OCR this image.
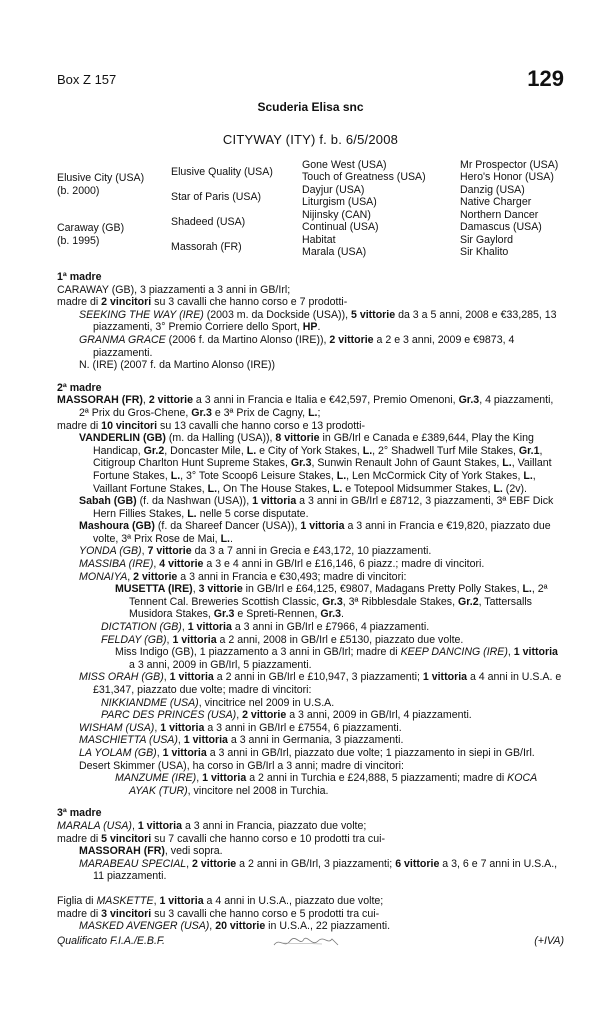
Box Z 157	129
Scuderia Elisa snc
CITYWAY (ITY) f. b. 6/5/2008
Elusive City (USA)
(b. 2000)
Caraway (GB)
(b. 1995)
Elusive Quality (USA)
Star of Paris (USA)
Shadeed (USA)
Massorah (FR)
Gone West (USA)
Touch of Greatness (USA)
Dayjur (USA)
Liturgism (USA)
Nijinsky (CAN)
Continual (USA)
Habitat
Marala (USA)
Mr Prospector (USA)
Hero's Honor (USA)
Danzig (USA)
Native Charger
Northern Dancer
Damascus (USA)
Sir Gaylord
Sir Khalito
1ª madre

CARAWAY (GB), 3 piazzamenti a 3 anni in GB/Irl;

madre di 2 vincitori su 3 cavalli che hanno corso e 7 prodotti-

SEEKING THE WAY (IRE) (2003 m. da Dockside (USA)), 5 vittorie da 3 a 5 anni, 2008 e €33,285, 13 piazzamenti, 3° Premio Corriere dello Sport, HP.

GRANMA GRACE (2006 f. da Martino Alonso (IRE)), 2 vittorie a 2 e 3 anni, 2009 e €9873, 4 piazzamenti.

N. (IRE) (2007 f. da Martino Alonso (IRE))

2ª madre

MASSORAH (FR), 2 vittorie a 3 anni in Francia e Italia e €42,597, Premio Omenoni, Gr.3, 4 piazzamenti, 2ª Prix du Gros-Chene, Gr.3 e 3ª Prix de Cagny, L.;

madre di 10 vincitori su 13 cavalli che hanno corso e 13 prodotti-

VANDERLIN (GB) (m. da Halling (USA)), 8 vittorie in GB/Irl e Canada e £389,644, Play the King Handicap, Gr.2, Doncaster Mile, L. e City of York Stakes, L., 2° Shadwell Turf Mile Stakes, Gr.1, Citigroup Charlton Hunt Supreme Stakes, Gr.3, Sunwin Renault John of Gaunt Stakes, L., Vaillant Fortune Stakes, L., 3° Tote Scoop6 Leisure Stakes, L., Len McCormick City of York Stakes, L., Vaillant Fortune Stakes, L., On The House Stakes, L. e Totepool Midsummer Stakes, L. (2v).

Sabah (GB) (f. da Nashwan (USA)), 1 vittoria a 3 anni in GB/Irl e £8712, 3 piazzamenti, 3ª EBF Dick Hern Fillies Stakes, L. nelle 5 corse disputate.

Mashoura (GB) (f. da Shareef Dancer (USA)), 1 vittoria a 3 anni in Francia e €19,820, piazzato due volte, 3ª Prix Rose de Mai, L..

YONDA (GB), 7 vittorie da 3 a 7 anni in Grecia e £43,172, 10 piazzamenti.

MASSIBA (IRE), 4 vittorie a 3 e 4 anni in GB/Irl e £16,146, 6 piazz.; madre di vincitori.

MONAIYA, 2 vittorie a 3 anni in Francia e €30,493; madre di vincitori:

MUSETTA (IRE), 3 vittorie in GB/Irl e £64,125, €9807, Madagans Pretty Polly Stakes, L., 2ª Tennent Cal. Breweries Scottish Classic, Gr.3, 3ª Ribblesdale Stakes, Gr.2, Tattersalls Musidora Stakes, Gr.3 e Spreti-Rennen, Gr.3.

DICTATION (GB), 1 vittoria a 3 anni in GB/Irl e £7966, 4 piazzamenti.

FELDAY (GB), 1 vittoria a 2 anni, 2008 in GB/Irl e £5130, piazzato due volte.

Miss Indigo (GB), 1 piazzamento a 3 anni in GB/Irl; madre di KEEP DANCING (IRE), 1 vittoria a 3 anni, 2009 in GB/Irl, 5 piazzamenti.

MISS ORAH (GB), 1 vittoria a 2 anni in GB/Irl e £10,947, 3 piazzamenti; 1 vittoria a 4 anni in U.S.A. e £31,347, piazzato due volte; madre di vincitori:

NIKKIANDME (USA), vincitrice nel 2009 in U.S.A.

PARC DES PRINCES (USA), 2 vittorie a 3 anni, 2009 in GB/Irl, 4 piazzamenti.

WISHAM (USA), 1 vittoria a 3 anni in GB/Irl e £7554, 6 piazzamenti.

MASCHIETTA (USA), 1 vittoria a 3 anni in Germania, 3 piazzamenti.

LA YOLAM (GB), 1 vittoria a 3 anni in GB/Irl, piazzato due volte; 1 piazzamento in siepi in GB/Irl.

Desert Skimmer (USA), ha corso in GB/Irl a 3 anni; madre di vincitori:

MANZUME (IRE), 1 vittoria a 2 anni in Turchia e £24,888, 5 piazzamenti; madre di KOCA AYAK (TUR), vincitore nel 2008 in Turchia.

3ª madre

MARALA (USA), 1 vittoria a 3 anni in Francia, piazzato due volte;

madre di 5 vincitori su 7 cavalli che hanno corso e 10 prodotti tra cui-

MASSORAH (FR), vedi sopra.

MARABEAU SPECIAL, 2 vittorie a 2 anni in GB/Irl, 3 piazzamenti; 6 vittorie a 3, 6 e 7 anni in U.S.A., 11 piazzamenti.

Figlia di MASKETTE, 1 vittoria a 4 anni in U.S.A., piazzato due volte;

madre di 3 vincitori su 3 cavalli che hanno corso e 5 prodotti tra cui-

MASKED AVENGER (USA), 20 vittorie in U.S.A., 22 piazzamenti.

Qualificato F.I.A./E.B.F.	(+IVA)
